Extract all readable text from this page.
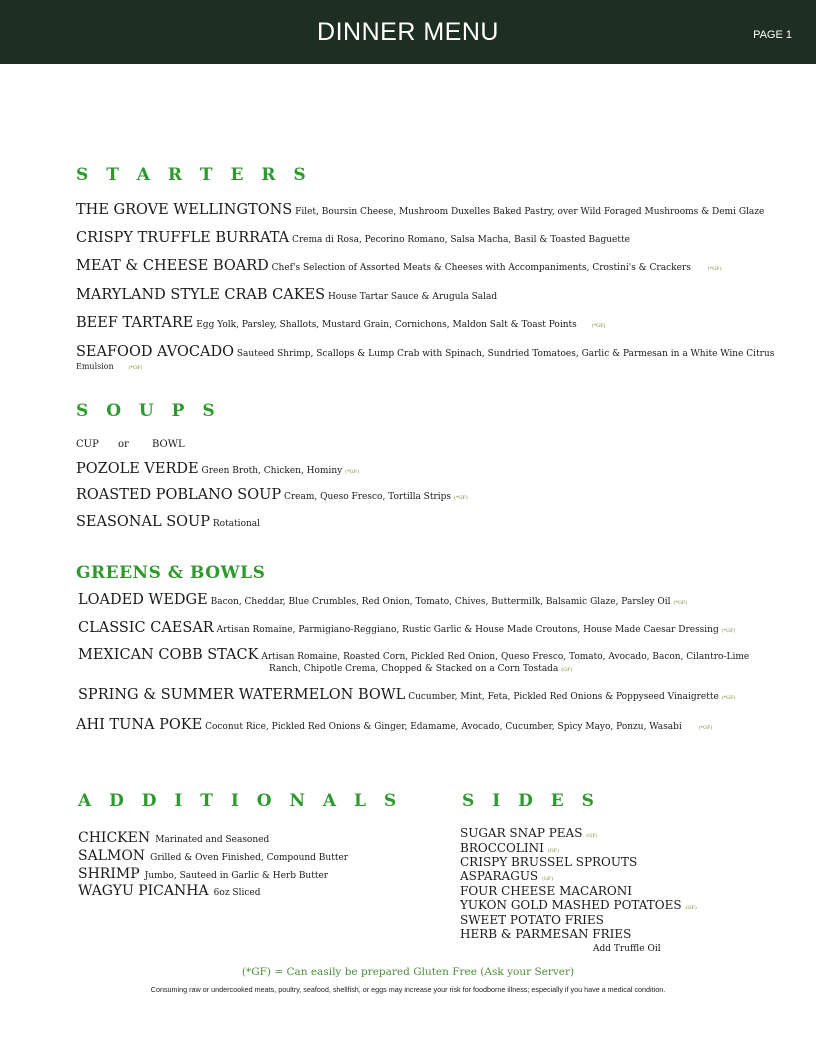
DINNER MENU	PAGE 1
S T A R T E R S
THE GROVE WELLINGTONS Filet, Boursin Cheese, Mushroom Duxelles Baked Pastry, over Wild Foraged Mushrooms & Demi Glaze
CRISPY TRUFFLE BURRATA Crema di Rosa, Pecorino Romano, Salsa Macha, Basil & Toasted Baguette
MEAT & CHEESE BOARD Chef's Selection of Assorted Meats & Cheeses with Accompaniments, Crostini's & Crackers	(*GF)
MARYLAND STYLE CRAB CAKES House Tartar Sauce & Arugula Salad
BEEF TARTARE Egg Yolk, Parsley, Shallots, Mustard Grain, Cornichons, Maldon Salt & Toast Points	(*GF)
SEAFOOD AVOCADO Sauteed Shrimp, Scallops & Lump Crab with Spinach, Sundried Tomatoes, Garlic & Parmesan in a White Wine Citrus
Emulsion	(*GF)
S O U P S
CUP or BOWL
POZOLE VERDE Green Broth, Chicken, Hominy (*GF)
ROASTED POBLANO SOUP Cream, Queso Fresco, Tortilla Strips (*GF)
SEASONAL SOUP Rotational
GREENS & BOWLS
LOADED WEDGE Bacon, Cheddar, Blue Crumbles, Red Onion, Tomato, Chives, Buttermilk, Balsamic Glaze, Parsley Oil (*GF)
CLASSIC CAESAR Artisan Romaine, Parmigiano-Reggiano, Rustic Garlic & House Made Croutons, House Made Caesar Dressing (*GF)
MEXICAN COBB STACK Artisan Romaine, Roasted Corn, Pickled Red Onion, Queso Fresco, Tomato, Avocado, Bacon, Cilantro-Lime
Ranch, Chipotle Crema, Chopped & Stacked on a Corn Tostada (GF)
SPRING & SUMMER WATERMELON BOWL Cucumber, Mint, Feta, Pickled Red Onions & Poppyseed Vinaigrette (*GF)
AHI TUNA POKE Coconut Rice, Pickled Red Onions & Ginger, Edamame, Avocado, Cucumber, Spicy Mayo, Ponzu, Wasabi	(*GF)
A D D I T I O N A L S
CHICKEN Marinated and Seasoned
SALMON Grilled & Oven Finished, Compound Butter
SHRIMP Jumbo, Sauteed in Garlic & Herb Butter
WAGYU PICANHA 6oz Sliced
S I D E S
SUGAR SNAP PEAS (GF)
BROCCOLINI (GF)
CRISPY BRUSSEL SPROUTS
ASPARAGUS (GF)
FOUR CHEESE MACARONI
YUKON GOLD MASHED POTATOES (GF)
SWEET POTATO FRIES
HERB & PARMESAN FRIES
Add Truffle Oil
(*GF) = Can easily be prepared Gluten Free (Ask your Server)
Consuming raw or undercooked meats, poultry, seafood, shellfish, or eggs may increase your risk for foodborne illness; especially if you have a medical condition.
